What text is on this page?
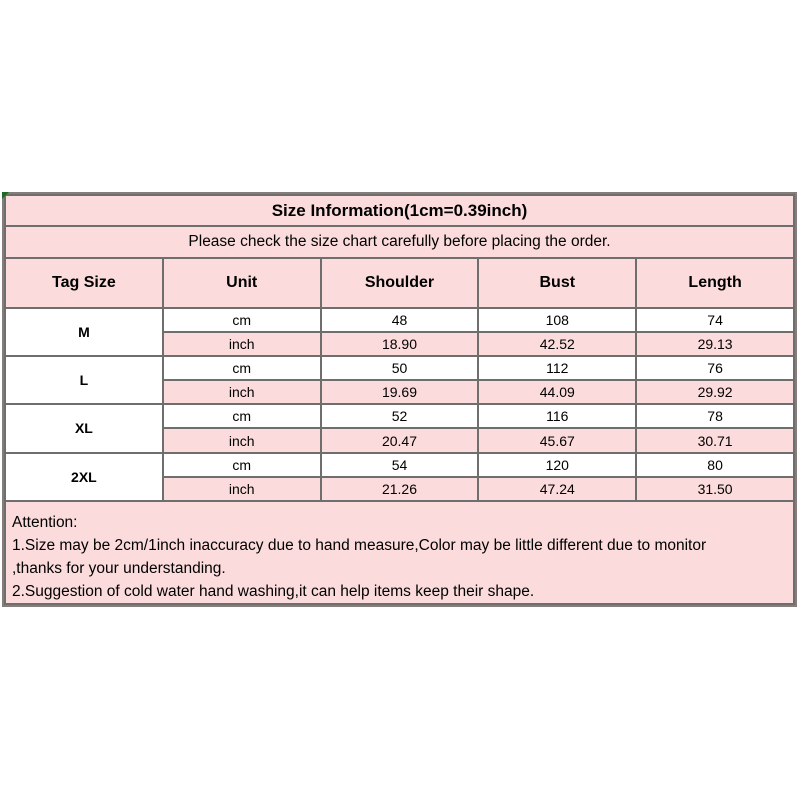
Size Information(1cm=0.39inch)				
Please check the size chart carefully before placing the order.				
Tag Size	Unit	Shoulder	Bust	Length
M	cm	48	108	74
	inch	18.90	42.52	29.13
L	cm	50	112	76
	inch	19.69	44.09	29.92
XL	cm	52	116	78
	inch	20.47	45.67	30.71
2XL	cm	54	120	80
	inch	21.26	47.24	31.50

Attention:
1.Size may be 2cm/1inch inaccuracy due to hand measure,Color may be little different due to monitor
,thanks for your understanding.
2.Suggestion of cold water hand washing,it can help items keep their shape.				
